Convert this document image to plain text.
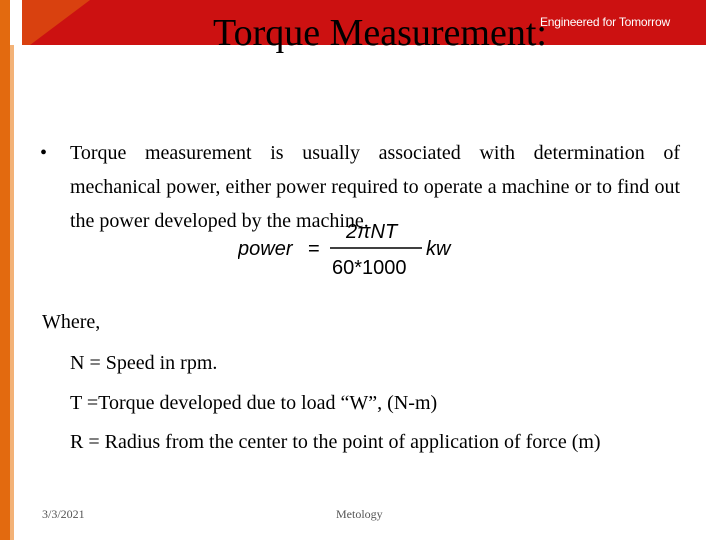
Engineered for Tomorrow
Torque Measurement:
• Torque measurement is usually associated with determination of mechanical power, either power required to operate a machine or to find out the power developed by the machine.
power =
2πNT
60*1000
kw
Where,
N = Speed in rpm.
T =Torque developed due to load “W”, (N-m)
R = Radius from the center to the point of application of force (m)
3/3/2021	Metology
